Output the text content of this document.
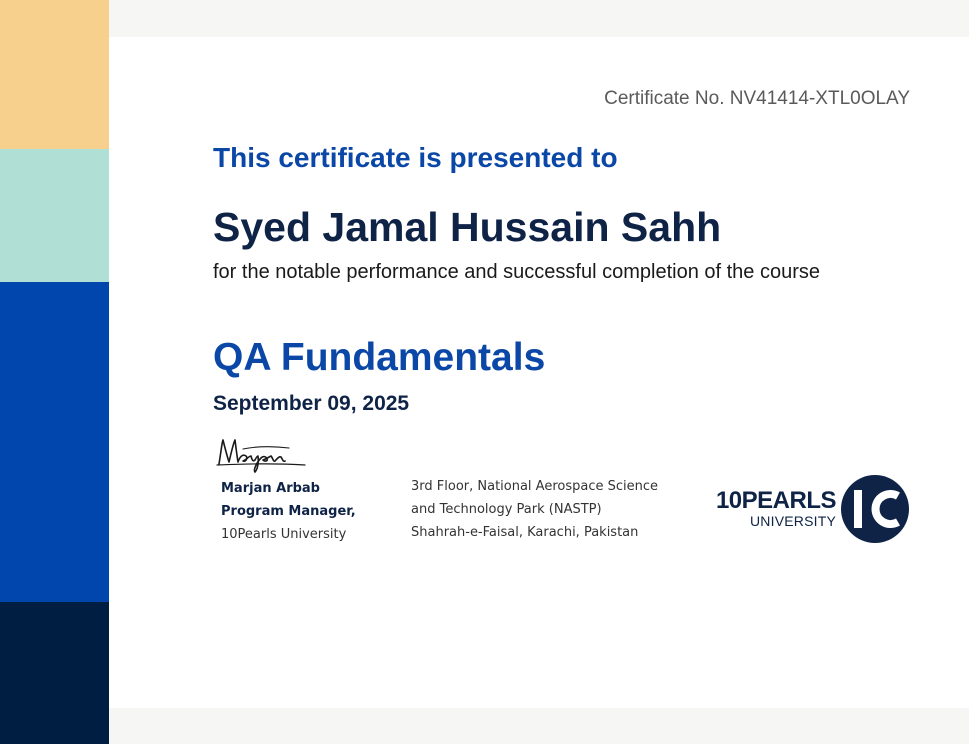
Certificate No. NV41414-XTL0OLAY
This certificate is presented to
Syed Jamal Hussain Sahh
for the notable performance and successful completion of the course
QA Fundamentals
September 09, 2025
Marjan Arbab
Program Manager,
10Pearls University
3rd Floor, National Aerospace Science
and Technology Park (NASTP)
Shahrah-e-Faisal, Karachi, Pakistan
10PEARLS
UNIVERSITY
